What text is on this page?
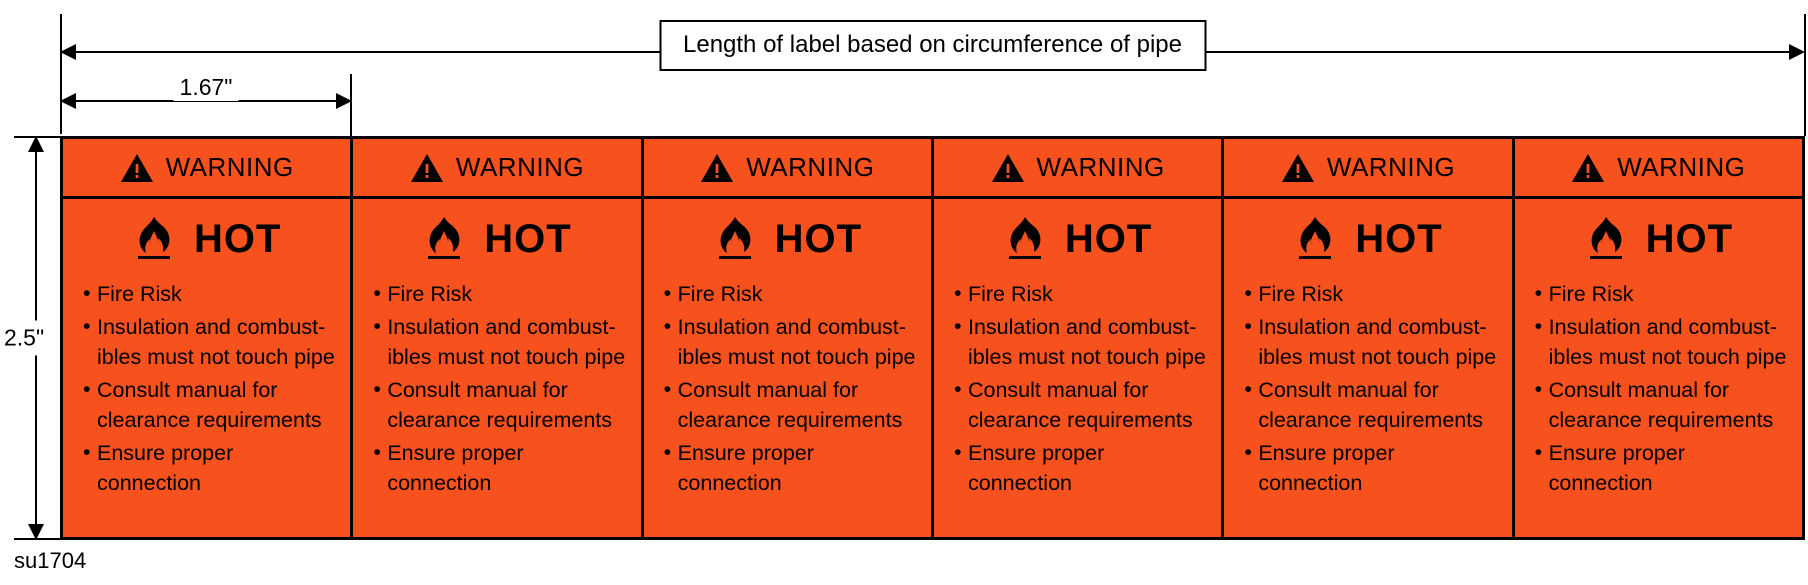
Length of label based on circumference of pipe
1.67"
2.5"
WARNING
HOT
• Fire Risk
• Insulation and combust-
ibles must not touch pipe
• Consult manual for
clearance requirements
• Ensure proper connection
WARNING
HOT
• Fire Risk
• Insulation and combust-
ibles must not touch pipe
• Consult manual for
clearance requirements
• Ensure proper connection
WARNING
HOT
• Fire Risk
• Insulation and combust-
ibles must not touch pipe
• Consult manual for
clearance requirements
• Ensure proper connection
WARNING
HOT
• Fire Risk
• Insulation and combust-
ibles must not touch pipe
• Consult manual for
clearance requirements
• Ensure proper connection
WARNING
HOT
• Fire Risk
• Insulation and combust-
ibles must not touch pipe
• Consult manual for
clearance requirements
• Ensure proper connection
WARNING
HOT
• Fire Risk
• Insulation and combust-
ibles must not touch pipe
• Consult manual for
clearance requirements
• Ensure proper connection
su1704
